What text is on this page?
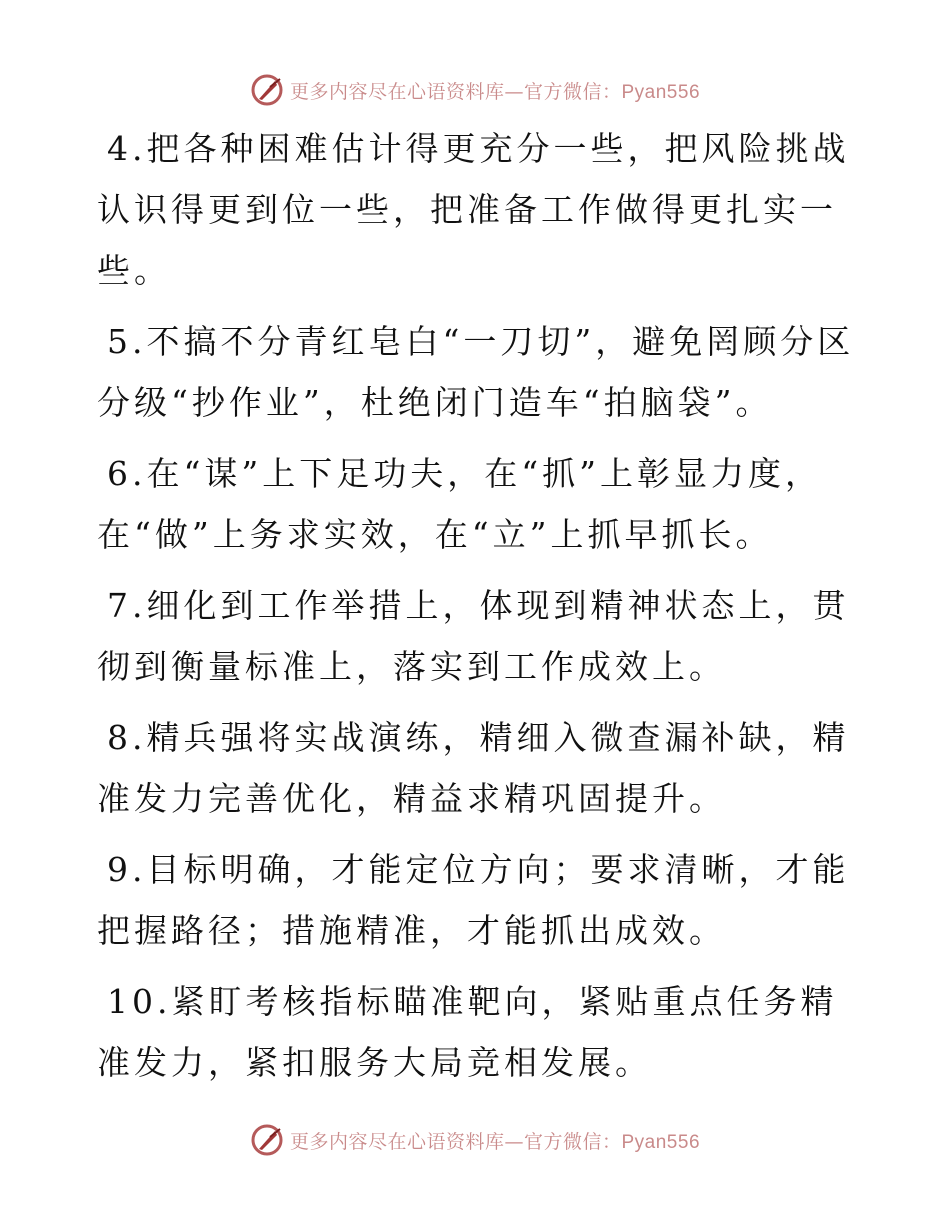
更多内容尽在心语资料库—官方微信：Pyan556

4.把各种困难估计得更充分一些，把风险挑战认识得更到位一些，把准备工作做得更扎实一些。

5.不搞不分青红皂白“一刀切”，避免罔顾分区分级“抄作业”，杜绝闭门造车“拍脑袋”。

6.在“谋”上下足功夫，在“抓”上彰显力度，在“做”上务求实效，在“立”上抓早抓长。

7.细化到工作举措上，体现到精神状态上，贯彻到衡量标准上，落实到工作成效上。

8.精兵强将实战演练，精细入微查漏补缺，精准发力完善优化，精益求精巩固提升。

9.目标明确，才能定位方向；要求清晰，才能把握路径；措施精准，才能抓出成效。

10.紧盯考核指标瞄准靶向，紧贴重点任务精准发力，紧扣服务大局竞相发展。

更多内容尽在心语资料库—官方微信：Pyan556
